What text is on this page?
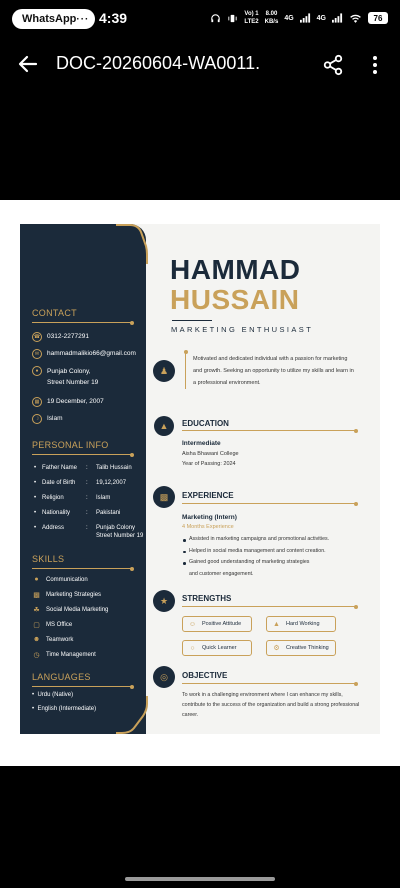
WhatsApp ··· 4:39	Vo) 1
LTE2
8.00
KB/s
4G	4G	76
DOC-20260604-WA0011.
CONTACT
☎ 0312-2277291
✉	hammadmalikio66@gmail.com
●	Punjab Colony,
Street Number 19
▦	19 December, 2007
☽	Islam
PERSONAL INFO
• Father Name	:	Talib Hussain
• Date of Birth	:	19,12,2007
• Religion	:	Islam
• Nationality	:	Pakistani
• Address	:	Punjab Colony
Street Number 19
SKILLS
●	Communication
▩ Marketing Strategies
☘ Social Media Marketing
▢ MS Office
☻ Teamwork
◷ Time Management
LANGUAGES
• Urdu (Native)
• English (Intermediate)
HAMMAD
HUSSAIN
MARKETING ENTHUSIAST
♟
Motivated and dedicated individual with a passion for marketing and growth. Seeking an opportunity to utilize my skills and learn in a professional environment.
▲	EDUCATION
Intermediate
Aisha Bhawani College
Year of Passing: 2024
▩	EXPERIENCE
Marketing (Intern)
4 Months Experience
Assisted in marketing campaigns and promotional activities.
Helped in social media management and content creation.
Gained good understanding of marketing strategies
and customer engagement.
★	STRENGTHS
☺ Positive Attitude	▲ Hard Working
○	Quick Learner	⚙ Creative Thinking
◎	OBJECTIVE
To work in a challenging environment where I can enhance my skills, contribute to the success of the organization and build a strong professional career.
